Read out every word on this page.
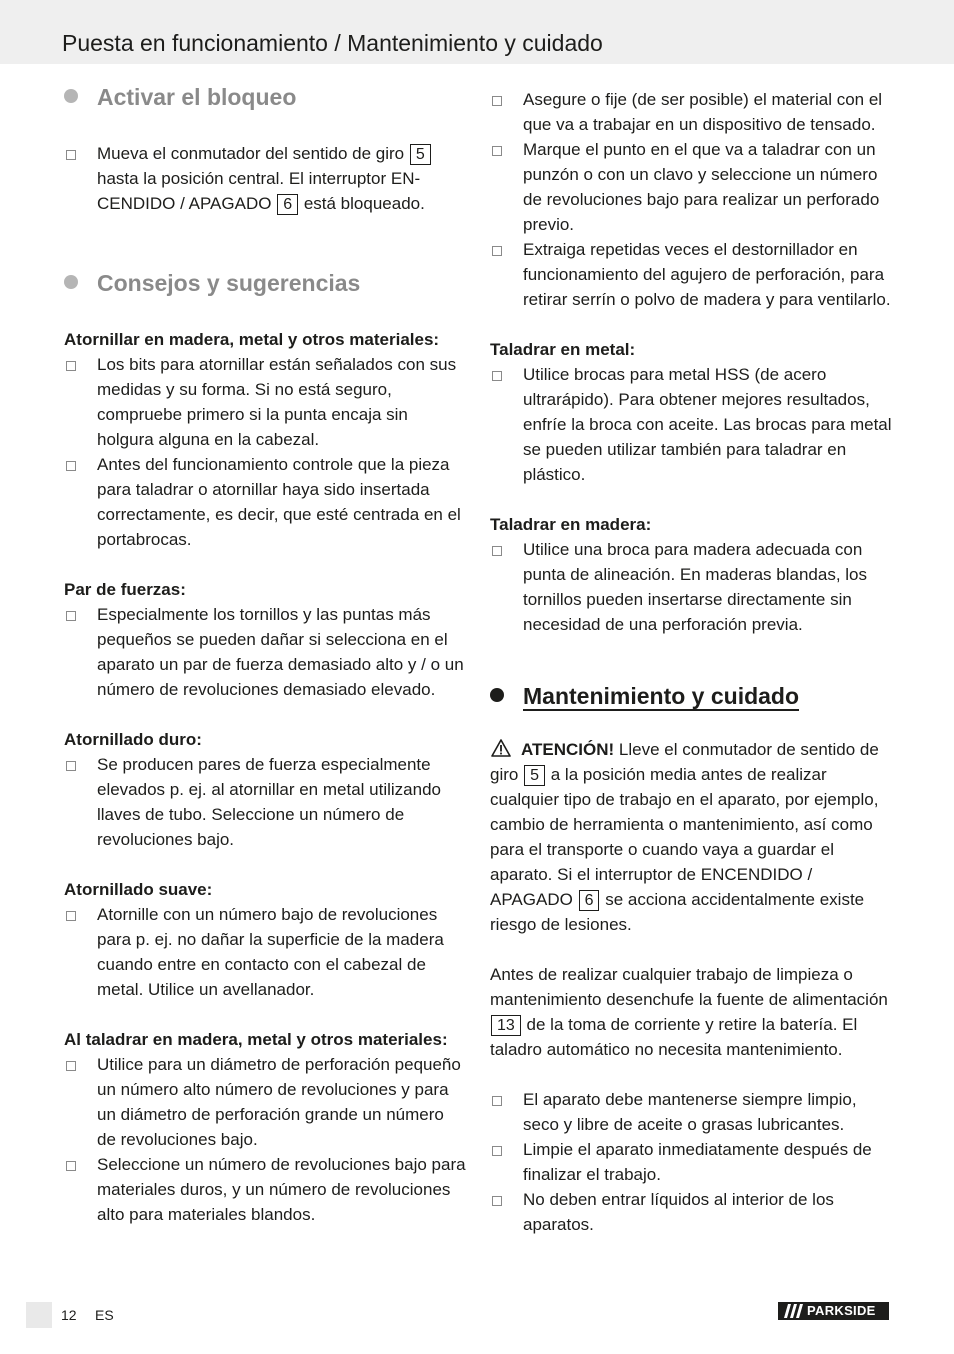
Puesta en funcionamiento / Mantenimiento y cuidado
Activar el bloqueo
Mueva el conmutador del sentido de giro 5 hasta la posición central. El interruptor EN-CENDIDO / APAGADO 6 está bloqueado.
Consejos y sugerencias

Atornillar en madera, metal y otros materiales:

Los bits para atornillar están señalados con sus medidas y su forma. Si no está seguro, compruebe primero si la punta encaja sin holgura alguna en la cabezal.
Antes del funcionamiento controle que la pieza para taladrar o atornillar haya sido insertada correctamente, es decir, que esté centrada en el portabrocas.

Par de fuerzas:

Especialmente los tornillos y las puntas más pequeños se pueden dañar si selecciona en el aparato un par de fuerza demasiado alto y / o un número de revoluciones demasiado elevado.

Atornillado duro:

Se producen pares de fuerza especialmente elevados p. ej. al atornillar en metal utilizando llaves de tubo. Seleccione un número de revoluciones bajo.

Atornillado suave:

Atornille con un número bajo de revoluciones para p. ej. no dañar la superficie de la madera cuando entre en contacto con el cabezal de metal. Utilice un avellanador.

Al taladrar en madera, metal y otros materiales:

Utilice para un diámetro de perforación pequeño un número alto número de revoluciones y para un diámetro de perforación grande un número de revoluciones bajo.
Seleccione un número de revoluciones bajo para materiales duros, y un número de revoluciones alto para materiales blandos.
Asegure o fije (de ser posible) el material con el que va a trabajar en un dispositivo de tensado.
Marque el punto en el que va a taladrar con un punzón o con un clavo y seleccione un número de revoluciones bajo para realizar un perforado previo.
Extraiga repetidas veces el destornillador en funcionamiento del agujero de perforación, para retirar serrín o polvo de madera y para ventilarlo.

Taladrar en metal:

Utilice brocas para metal HSS (de acero ultrarápido). Para obtener mejores resultados, enfríe la broca con aceite. Las brocas para metal se pueden utilizar también para taladrar en plástico.

Taladrar en madera:

Utilice una broca para madera adecuada con punta de alineación. En maderas blandas, los tornillos pueden insertarse directamente sin necesidad de una perforación previa.
Mantenimiento y cuidado

ATENCIÓN! Lleve el conmutador de sentido de giro 5 a la posición media antes de realizar cualquier tipo de trabajo en el aparato, por ejemplo, cambio de herramienta o mantenimiento, así como para el transporte o cuando vaya a guardar el aparato. Si el interruptor de ENCENDIDO / APAGADO 6 se acciona accidentalmente existe riesgo de lesiones.

Antes de realizar cualquier trabajo de limpieza o mantenimiento desenchufe la fuente de alimentación 13 de la toma de corriente y retire la batería. El taladro automático no necesita mantenimiento.

El aparato debe mantenerse siempre limpio, seco y libre de aceite o grasas lubricantes.
Limpie el aparato inmediatamente después de finalizar el trabajo.
No deben entrar líquidos al interior de los aparatos.
12 ES	PARKSIDE
